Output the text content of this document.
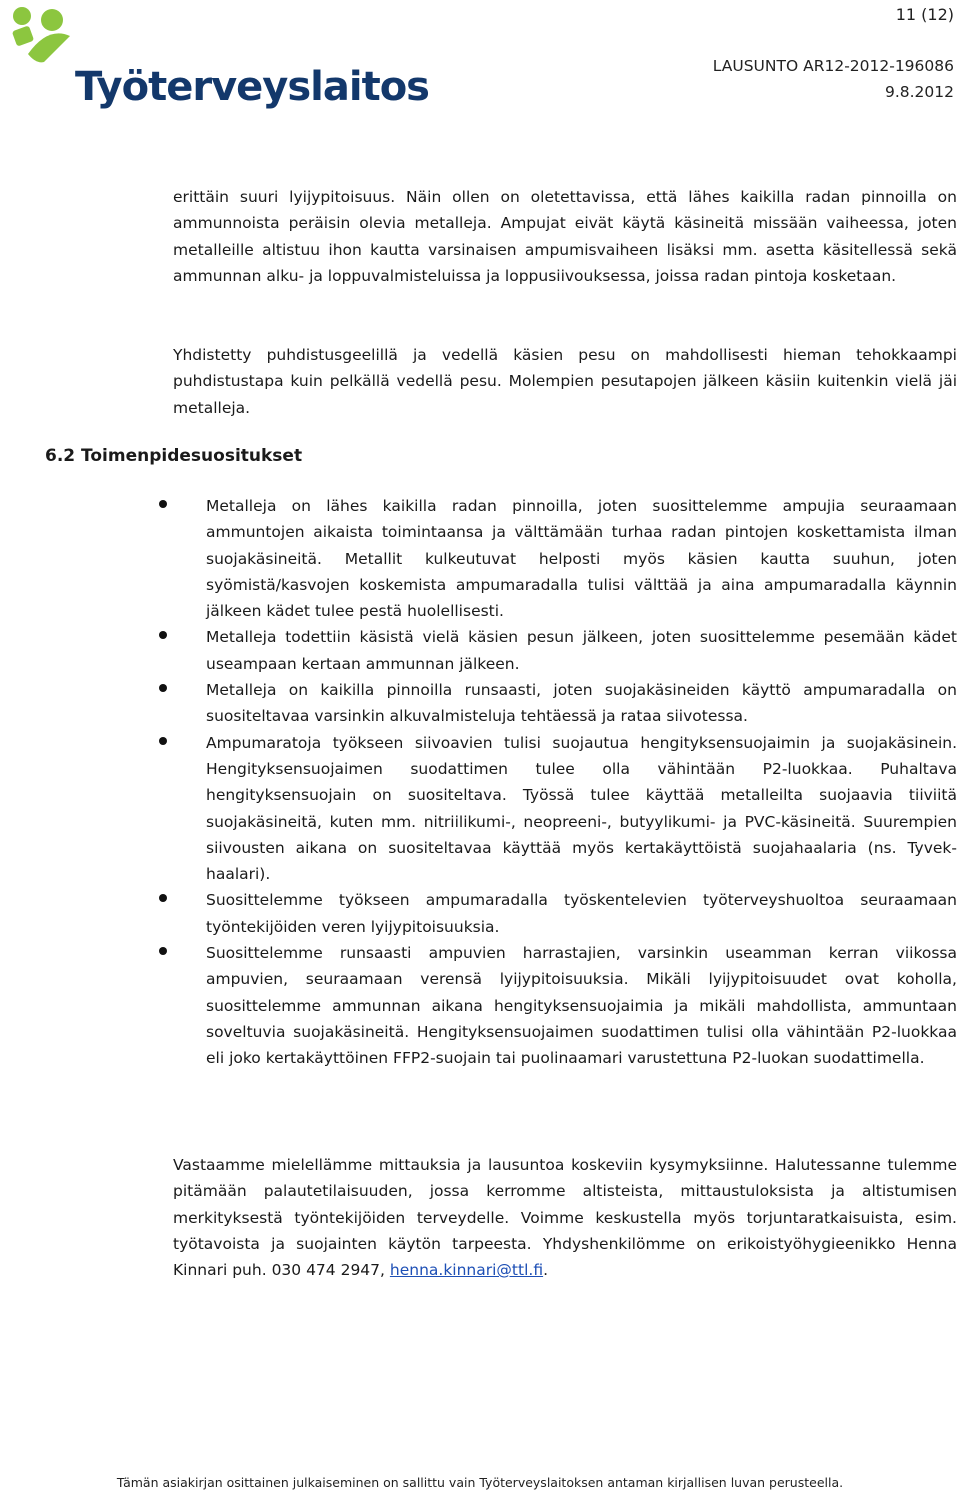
Työterveyslaitos
11 (12)
LAUSUNTO AR12-2012-196086
9.8.2012

erittäin suuri lyijypitoisuus. Näin ollen on oletettavissa, että lähes kaikilla radan pinnoilla on ammunnoista peräisin olevia metalleja. Ampujat eivät käytä käsineitä missään vaiheessa, joten metalleille altistuu ihon kautta varsinaisen ampumisvaiheen lisäksi mm. asetta käsitellessä sekä ammunnan alku- ja loppuvalmisteluissa ja loppusiivouksessa, joissa radan pintoja kosketaan.

Yhdistetty puhdistusgeelillä ja vedellä käsien pesu on mahdollisesti hieman tehokkaampi puhdistustapa kuin pelkällä vedellä pesu. Molempien pesutapojen jälkeen käsiin kuitenkin vielä jäi metalleja.

6.2 Toimenpidesuositukset
Metalleja on lähes kaikilla radan pinnoilla, joten suosittelemme ampujia seuraamaan ammuntojen aikaista toimintaansa ja välttämään turhaa radan pintojen koskettamista ilman suojakäsineitä. Metallit kulkeutuvat helposti myös käsien kautta suuhun, joten syömistä/kasvojen koskemista ampumaradalla tulisi välttää ja aina ampumaradalla käynnin jälkeen kädet tulee pestä huolellisesti.
Metalleja todettiin käsistä vielä käsien pesun jälkeen, joten suosittelemme pesemään kädet useampaan kertaan ammunnan jälkeen.
Metalleja on kaikilla pinnoilla runsaasti, joten suojakäsineiden käyttö ampumaradalla on suositeltavaa varsinkin alkuvalmisteluja tehtäessä ja rataa siivotessa.
Ampumaratoja työkseen siivoavien tulisi suojautua hengityksensuojaimin ja suojakäsinein. Hengityksensuojaimen suodattimen tulee olla vähintään P2-luokkaa. Puhaltava hengityksensuojain on suositeltava. Työssä tulee käyttää metalleilta suojaavia tiiviitä suojakäsineitä, kuten mm. nitriilikumi-, neopreeni-, butyylikumi- ja PVC-käsineitä. Suurempien siivousten aikana on suositeltavaa käyttää myös kertakäyttöistä suojahaalaria (ns. Tyvek-haalari).
Suosittelemme työkseen ampumaradalla työskentelevien työterveyshuoltoa seuraamaan työntekijöiden veren lyijypitoisuuksia.
Suosittelemme runsaasti ampuvien harrastajien, varsinkin useamman kerran viikossa ampuvien, seuraamaan verensä lyijypitoisuuksia. Mikäli lyijypitoisuudet ovat koholla, suosittelemme ammunnan aikana hengityksensuojaimia ja mikäli mahdollista, ammuntaan soveltuvia suojakäsineitä. Hengityksensuojaimen suodattimen tulisi olla vähintään P2-luokkaa eli joko kertakäyttöinen FFP2-suojain tai puolinaamari varustettuna P2-luokan suodattimella.

Vastaamme mielellämme mittauksia ja lausuntoa koskeviin kysymyksiinne. Halutessanne tulemme pitämään palautetilaisuuden, jossa kerromme altisteista, mittaustuloksista ja altistumisen merkityksestä työntekijöiden terveydelle. Voimme keskustella myös torjuntaratkaisuista, esim. työtavoista ja suojainten käytön tarpeesta. Yhdyshenkilömme on erikoistyöhygieenikko Henna Kinnari puh. 030 474 2947, henna.kinnari@ttl.fi.

Tämän asiakirjan osittainen julkaiseminen on sallittu vain Työterveyslaitoksen antaman kirjallisen luvan perusteella.
